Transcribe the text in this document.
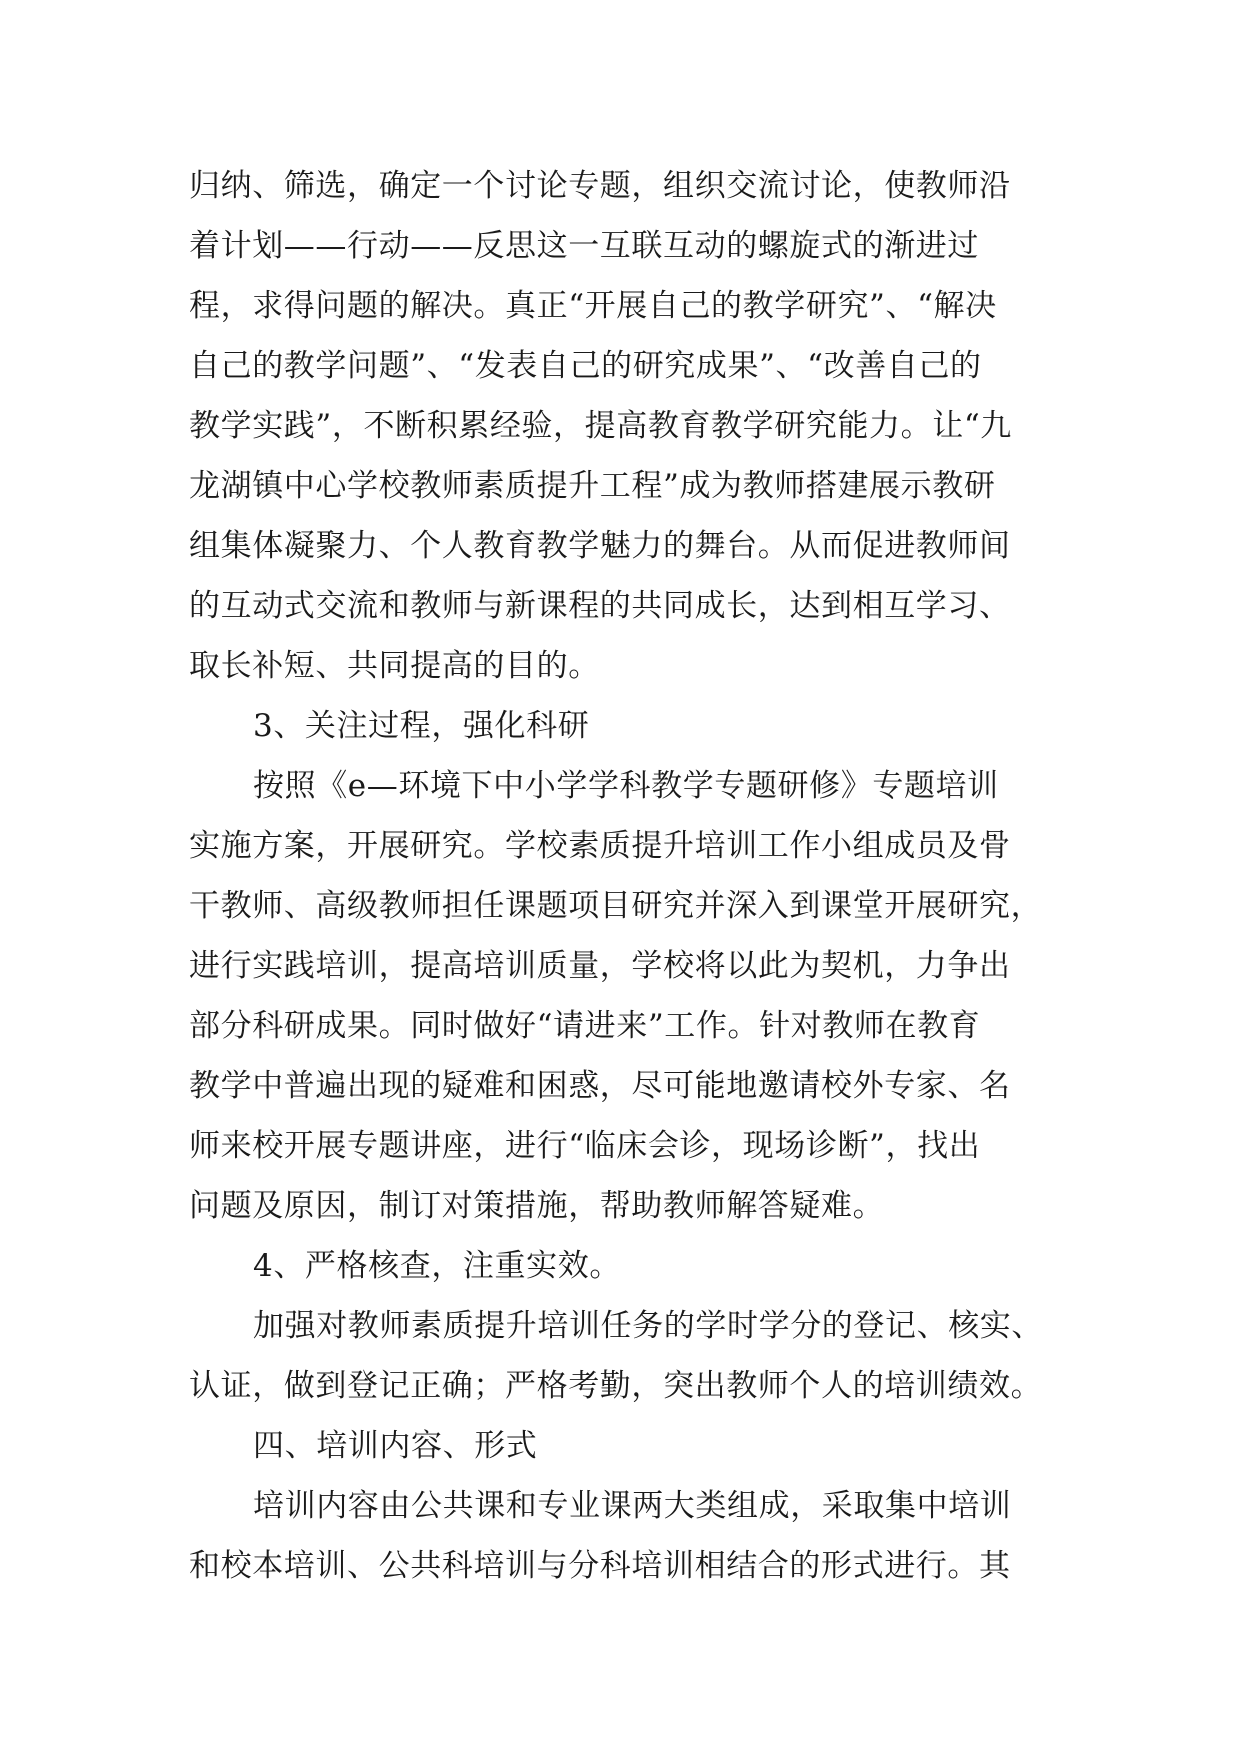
归纳、筛选，确定一个讨论专题，组织交流讨论，使教师沿
着计划——行动——反思这一互联互动的螺旋式的渐进过
程，求得问题的解决。真正“开展自己的教学研究”、“解决
自己的教学问题”、“发表自己的研究成果”、“改善自己的
教学实践”，不断积累经验，提高教育教学研究能力。让“九
龙湖镇中心学校教师素质提升工程”成为教师搭建展示教研
组集体凝聚力、个人教育教学魅力的舞台。从而促进教师间
的互动式交流和教师与新课程的共同成长，达到相互学习、
取长补短、共同提高的目的。
3、关注过程，强化科研
按照《e—环境下中小学学科教学专题研修》专题培训
实施方案，开展研究。学校素质提升培训工作小组成员及骨
干教师、高级教师担任课题项目研究并深入到课堂开展研究，
进行实践培训，提高培训质量，学校将以此为契机，力争出
部分科研成果。同时做好“请进来”工作。针对教师在教育
教学中普遍出现的疑难和困惑，尽可能地邀请校外专家、名
师来校开展专题讲座，进行“临床会诊，现场诊断”，找出
问题及原因，制订对策措施，帮助教师解答疑难。
4、严格核查，注重实效。
加强对教师素质提升培训任务的学时学分的登记、核实、
认证，做到登记正确；严格考勤，突出教师个人的培训绩效。
四、培训内容、形式
培训内容由公共课和专业课两大类组成，采取集中培训
和校本培训、公共科培训与分科培训相结合的形式进行。其
